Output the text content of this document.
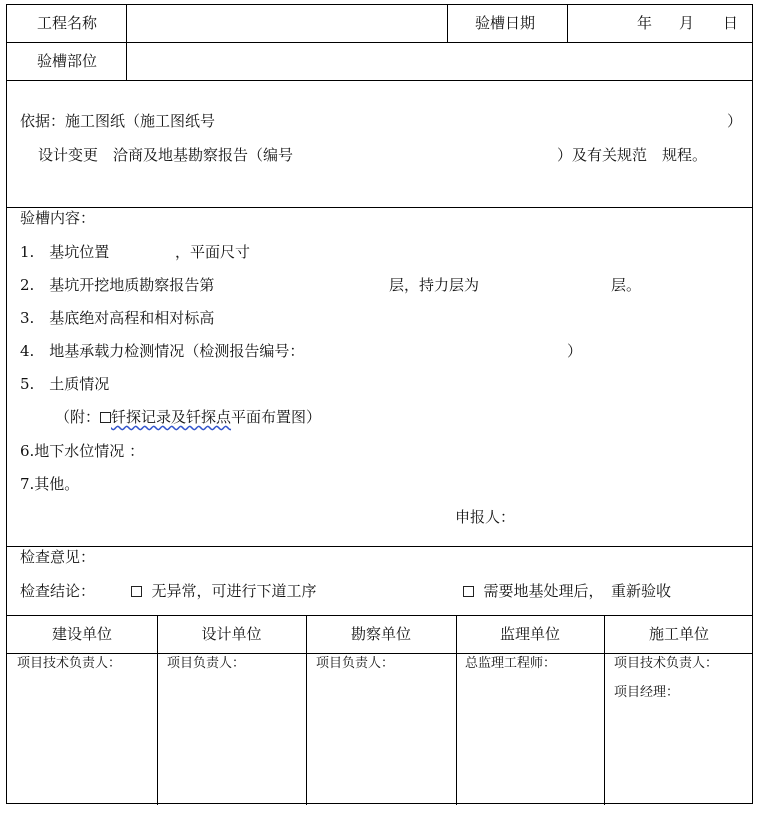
工程名称	验槽日期	年 月 日
验槽部位
依据：施工图纸（施工图纸号	）
设计变更　洽商及地基勘察报告（编号	）及有关规范　规程。
验槽内容：
1.　基坑位置	，平面尺寸
2.　基坑开挖地质勘察报告第	层，持力层为	层。
3.　基底绝对高程和相对标高
4.　地基承载力检测情况（检测报告编号：	）
5.　土质情况
（附： 钎探记录及钎探点平面布置图）
6.地下水位情况 ：
7.其他。
申报人：
检查意见：
检查结论：	无异常，可进行下道工序	需要地基处理后，　重新验收
建设单位	设计单位	勘察单位	监理单位	施工单位
项目技术负责人：	项目负责人：	项目负责人：	总监理工程师：	项目技术负责人：
项目经理：
